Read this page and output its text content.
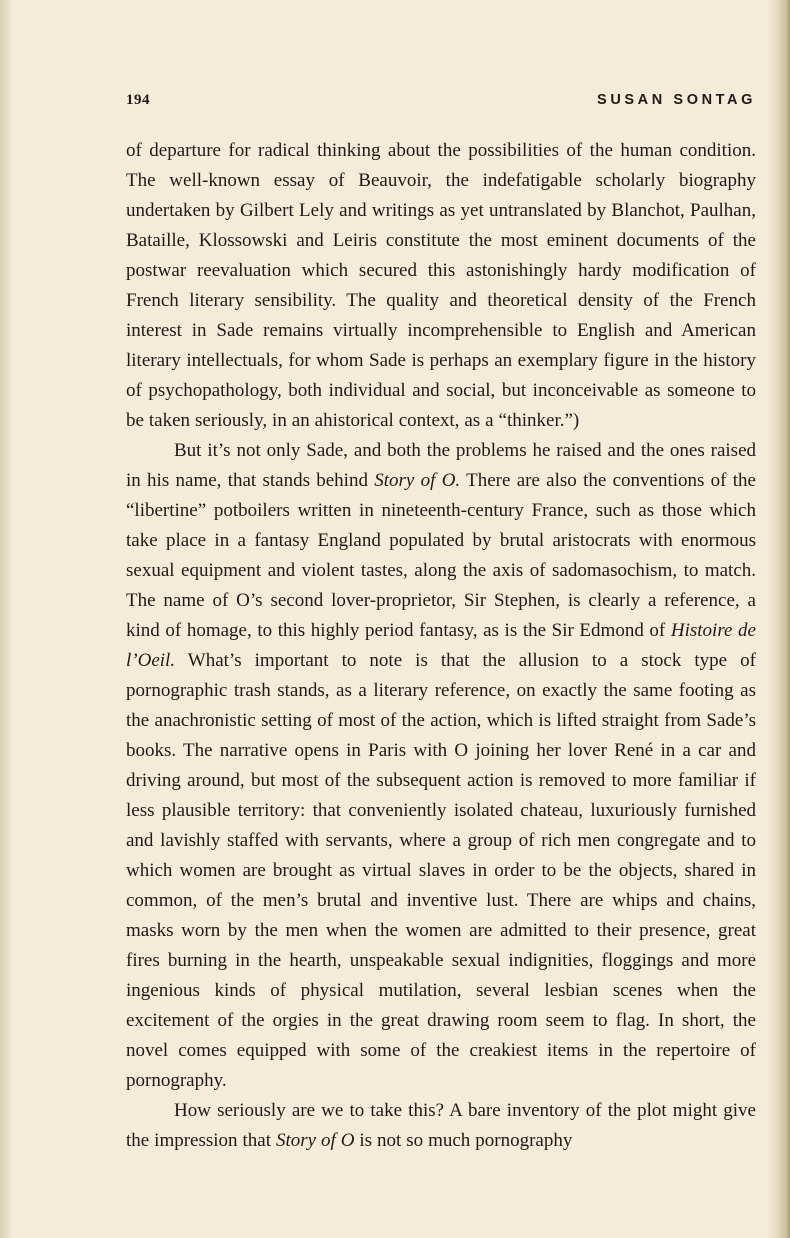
194	SUSAN SONTAG

of departure for radical thinking about the possibilities of the human condition. The well-known essay of Beauvoir, the indefatigable scholarly biography undertaken by Gilbert Lely and writings as yet untranslated by Blanchot, Paulhan, Bataille, Klossowski and Leiris constitute the most eminent documents of the postwar reevaluation which secured this astonishingly hardy modification of French literary sensibility. The quality and theoretical density of the French interest in Sade remains virtually incomprehensible to English and American literary intellectuals, for whom Sade is perhaps an exemplary figure in the history of psychopathology, both individual and social, but inconceivable as someone to be taken seriously, in an ahistorical context, as a “thinker.”)

But it’s not only Sade, and both the problems he raised and the ones raised in his name, that stands behind Story of O. There are also the conventions of the “libertine” potboilers written in nineteenth-century France, such as those which take place in a fantasy England populated by brutal aristocrats with enormous sexual equipment and violent tastes, along the axis of sadomasochism, to match. The name of O’s second lover-proprietor, Sir Stephen, is clearly a reference, a kind of homage, to this highly period fantasy, as is the Sir Edmond of Histoire de l’Oeil. What’s important to note is that the allusion to a stock type of pornographic trash stands, as a literary reference, on exactly the same footing as the anachronistic setting of most of the action, which is lifted straight from Sade’s books. The narrative opens in Paris with O joining her lover René in a car and driving around, but most of the subsequent action is removed to more familiar if less plausible territory: that conveniently isolated chateau, luxuriously furnished and lavishly staffed with servants, where a group of rich men congregate and to which women are brought as virtual slaves in order to be the objects, shared in common, of the men’s brutal and inventive lust. There are whips and chains, masks worn by the men when the women are admitted to their presence, great fires burning in the hearth, unspeakable sexual indignities, floggings and more ingenious kinds of physical mutilation, several lesbian scenes when the excitement of the orgies in the great drawing room seem to flag. In short, the novel comes equipped with some of the creakiest items in the repertoire of pornography.

How seriously are we to take this? A bare inventory of the plot might give the impression that Story of O is not so much pornography
